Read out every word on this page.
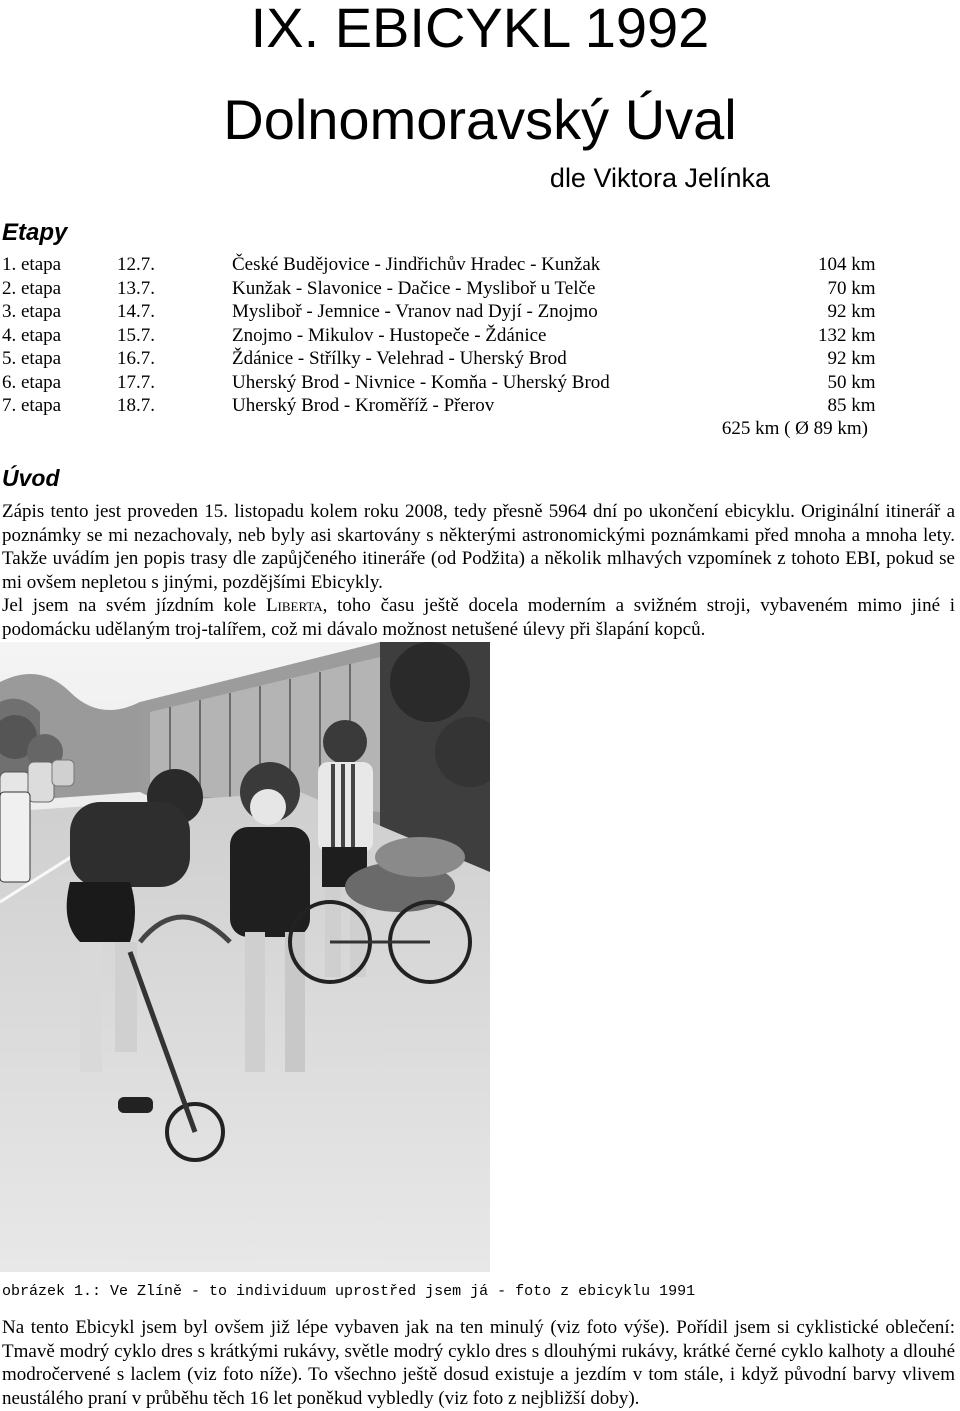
IX. EBICYKL 1992
Dolnomoravský Úval
dle Viktora Jelínka
Etapy
1. etapa	12.7.	České Budějovice - Jindřichův Hradec - Kunžak	104 km
2. etapa	13.7.	Kunžak - Slavonice - Dačice - Myslibоř u Telče	70 km
3. etapa	14.7.	Myslibоř - Jemnice - Vranov nad Dyjí - Znojmo	92 km
4. etapa	15.7.	Znojmo - Mikulov - Hustopeče - Ždánice	132 km
5. etapa	16.7.	Ždánice - Střílky - Velehrad - Uherský Brod	92 km
6. etapa	17.7.	Uherský Brod - Nivnice - Komňa - Uherský Brod	50 km
7. etapa	18.7.	Uherský Brod - Kroměříž - Přerov	85 km
625 km ( Ø 89 km)
Úvod
Zápis tento jest proveden 15. listopadu kolem roku 2008, tedy přesně 5964 dní po ukončení ebicyklu. Originální itinerář a poznámky se mi nezachovaly, neb byly asi skartovány s některými astronomickými poznámkami před mnoha a mnoha lety. Takže uvádím jen popis trasy dle zapůjčeného itineráře (od Podžita) a několik mlhavých vzpomínek z tohoto EBI, pokud se mi ovšem nepletou s jinými, pozdějšími Ebicykly.
Jel jsem na svém jízdním kole Liberta, toho času ještě docela moderním a svižném stroji, vybaveném mimo jiné i podomácku udělaným troj-talířem, což mi dávalo možnost netušené úlevy při šlapání kopců.
obrázek 1.: Ve Zlíně - to individuum uprostřed jsem já - foto z ebicyklu 1991
Na tento Ebicykl jsem byl ovšem již lépe vybaven jak na ten minulý (viz foto výše). Pořídil jsem si cyklistické oblečení: Tmavě modrý cyklo dres s krátkými rukávy, světle modrý cyklo dres s dlouhými rukávy, krátké černé cyklo kalhoty a dlouhé modročervené s laclem (viz foto níže). To všechno ještě dosud existuje a jezdím v tom stále, i když původní barvy vlivem neustálého praní v průběhu těch 16 let poněkud vybledly (viz foto z nejbližší doby).
